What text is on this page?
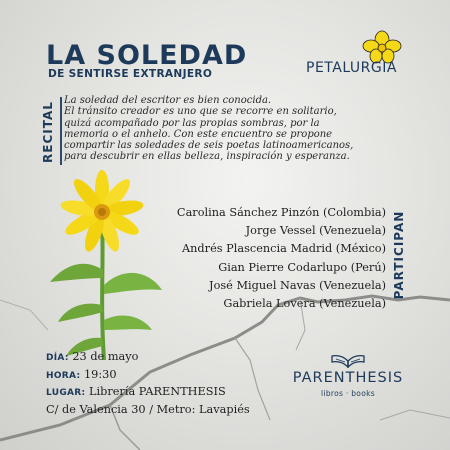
LA SOLEDAD
DE SENTIRSE EXTRANJERO	PETALURGIA
RECITAL

La soledad del escritor es bien conocida.
El tránsito creador es uno que se recorre en solitario,
quizá acompañado por las propias sombras, por la
memoria o el anhelo. Con este encuentro se propone
compartir las soledades de seis poetas latinoamericanos,
para descubrir en ellas belleza, inspiración y esperanza.

Carolina Sánchez Pinzón (Colombia)
Jorge Vessel (Venezuela)
Andrés Plascencia Madrid (México)
Gian Pierre Codarlupo (Perú)
José Miguel Navas (Venezuela)
Gabriela Lovera (Venezuela)
PARTICIPAN
DÍA: 23 de mayo
HORA: 19:30
LUGAR: Librería PARENTHESIS
C/ de Valencia 30 / Metro: Lavapiés
PARENTHESIS
libros · books
